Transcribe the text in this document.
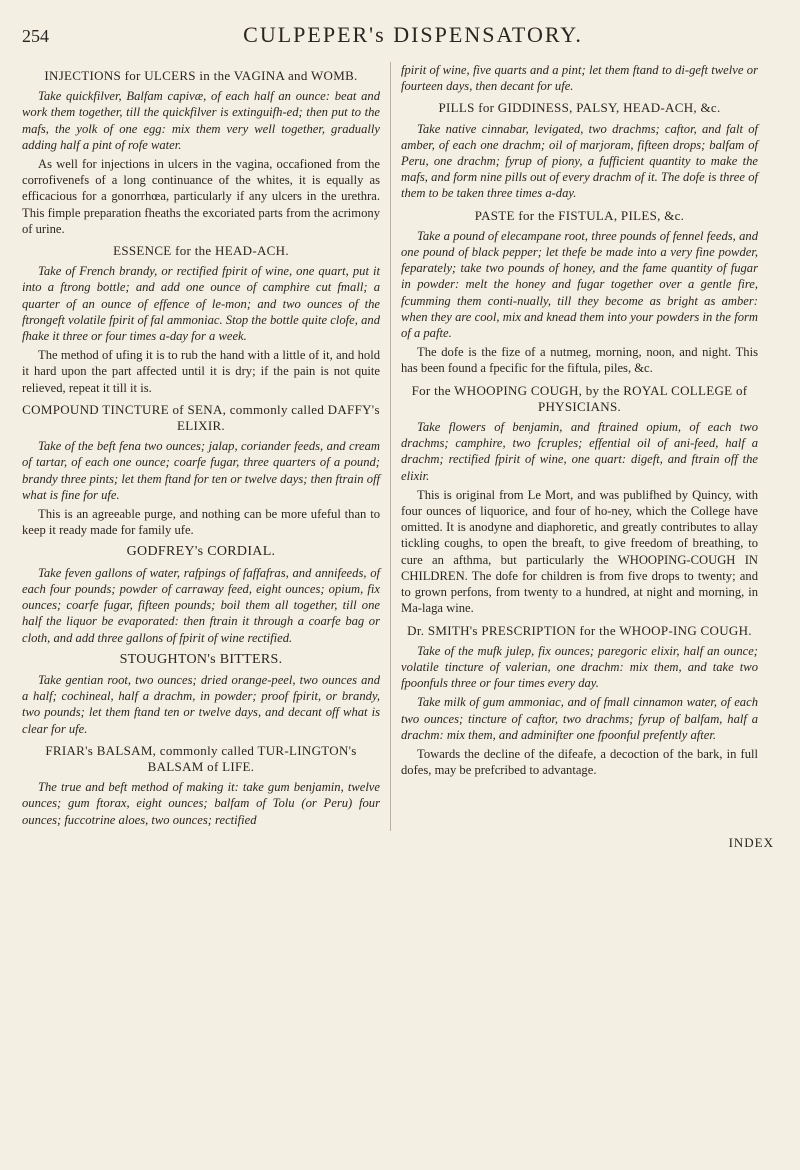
254	CULPEPER's DISPENSATORY.
INJECTIONS for ULCERS in the VAGINA and WOMB.
Take quickfilver, Balfam capivæ, of each half an ounce: beat and work them together, till the quickfilver is extinguifh-ed; then put to the mafs, the yolk of one egg: mix them very well together, gradually adding half a pint of rofe water.
As well for injections in ulcers in the vagina, occafioned from the corrofivenefs of a long continuance of the whites, it is equally as efficacious for a gonorrhœa, particularly if any ulcers in the urethra. This fimple preparation fheaths the excoriated parts from the acrimony of urine.
ESSENCE for the HEAD-ACH.
Take of French brandy, or rectified fpirit of wine, one quart, put it into a ftrong bottle; and add one ounce of camphire cut fmall; a quarter of an ounce of effence of le-mon; and two ounces of the ftrongeft volatile fpirit of fal ammoniac. Stop the bottle quite clofe, and fhake it three or four times a-day for a week.
The method of ufing it is to rub the hand with a little of it, and hold it hard upon the part affected until it is dry; if the pain is not quite relieved, repeat it till it is.
COMPOUND TINCTURE of SENA, commonly called DAFFY's ELIXIR.
Take of the beft fena two ounces; jalap, coriander feeds, and cream of tartar, of each one ounce; coarfe fugar, three quarters of a pound; brandy three pints; let them ftand for ten or twelve days; then ftrain off what is fine for ufe.
This is an agreeable purge, and nothing can be more ufeful than to keep it ready made for family ufe.
GODFREY's CORDIAL.
Take feven gallons of water, rafpings of faffafras, and annifeeds, of each four pounds; powder of carraway feed, eight ounces; opium, fix ounces; coarfe fugar, fifteen pounds; boil them all together, till one half the liquor be evaporated: then ftrain it through a coarfe bag or cloth, and add three gallons of fpirit of wine rectified.
STOUGHTON's BITTERS.
Take gentian root, two ounces; dried orange-peel, two ounces and a half; cochineal, half a drachm, in powder; proof fpirit, or brandy, two pounds; let them ftand ten or twelve days, and decant off what is clear for ufe.
FRIAR's BALSAM, commonly called TUR-LINGTON's BALSAM of LIFE.
The true and beft method of making it: take gum benjamin, twelve ounces; gum ftorax, eight ounces; balfam of Tolu (or Peru) four ounces; fuccotrine aloes, two ounces; rectified
fpirit of wine, five quarts and a pint; let them ftand to di-geft twelve or fourteen days, then decant for ufe.
PILLS for GIDDINESS, PALSY, HEAD-ACH, &c.
Take native cinnabar, levigated, two drachms; caftor, and falt of amber, of each one drachm; oil of marjoram, fifteen drops; balfam of Peru, one drachm; fyrup of piony, a fufficient quantity to make the mafs, and form nine pills out of every drachm of it. The dofe is three of them to be taken three times a-day.
PASTE for the FISTULA, PILES, &c.
Take a pound of elecampane root, three pounds of fennel feeds, and one pound of black pepper; let thefe be made into a very fine powder, feparately; take two pounds of honey, and the fame quantity of fugar in powder: melt the honey and fugar together over a gentle fire, fcumming them conti-nually, till they become as bright as amber: when they are cool, mix and knead them into your powders in the form of a pafte.
The dofe is the fize of a nutmeg, morning, noon, and night. This has been found a fpecific for the fiftula, piles, &c.
For the WHOOPING COUGH, by the ROYAL COLLEGE of PHYSICIANS.
Take flowers of benjamin, and ftrained opium, of each two drachms; camphire, two fcruples; effential oil of ani-feed, half a drachm; rectified fpirit of wine, one quart: digeft, and ftrain off the elixir.
This is original from Le Mort, and was publifhed by Quincy, with four ounces of liquorice, and four of ho-ney, which the College have omitted. It is anodyne and diaphoretic, and greatly contributes to allay tickling coughs, to open the breaft, to give freedom of breathing, to cure an afthma, but particularly the WHOOPING-COUGH IN CHILDREN. The dofe for children is from five drops to twenty; and to grown perfons, from twenty to a hundred, at night and morning, in Ma-laga wine.
Dr. SMITH's PRESCRIPTION for the WHOOP-ING COUGH.
Take of the mufk julep, fix ounces; paregoric elixir, half an ounce; volatile tincture of valerian, one drachm: mix them, and take two fpoonfuls three or four times every day.
Take milk of gum ammoniac, and of fmall cinnamon water, of each two ounces; tincture of caftor, two drachms; fyrup of balfam, half a drachm: mix them, and adminifter one fpoonful prefently after.
Towards the decline of the difeafe, a decoction of the bark, in full dofes, may be prefcribed to advantage.
INDEX
